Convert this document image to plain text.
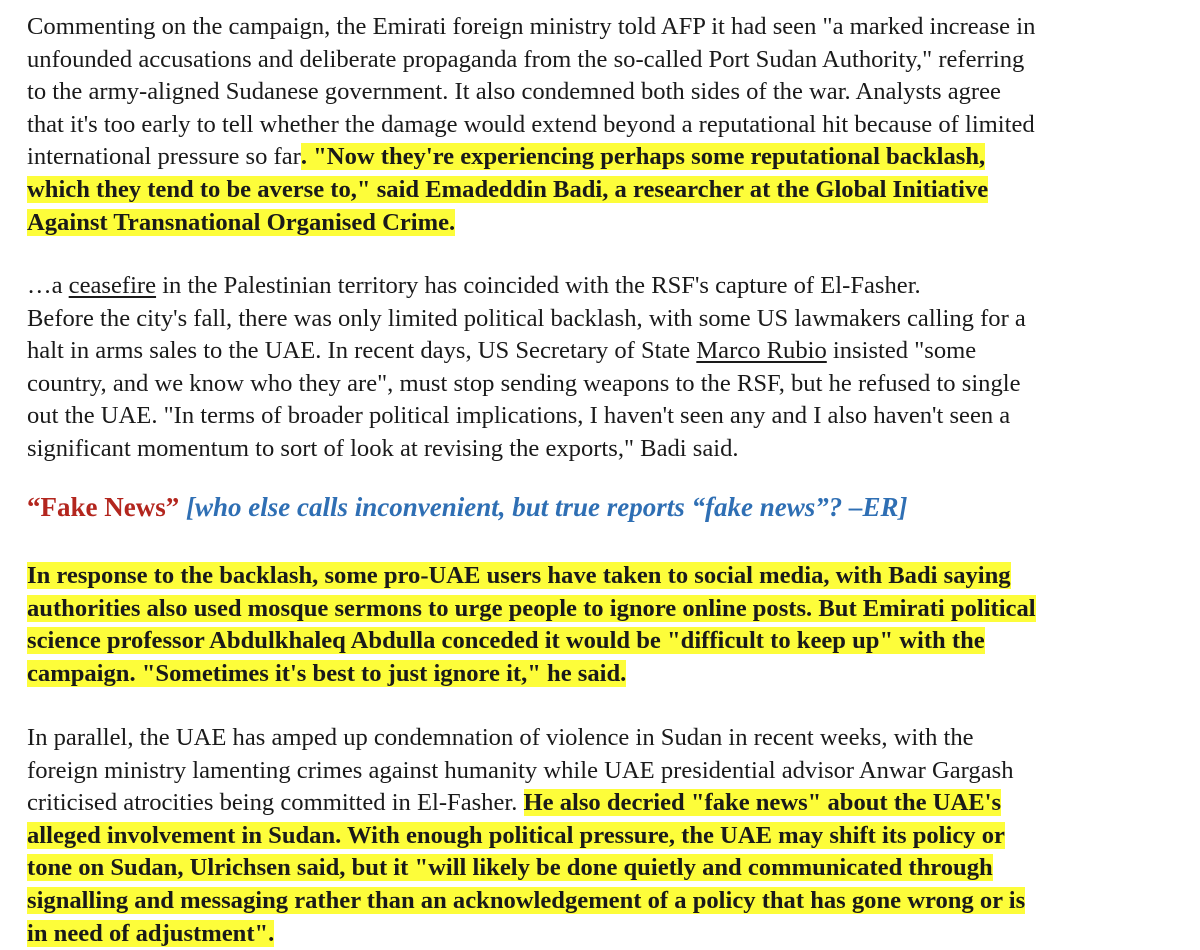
Commenting on the campaign, the Emirati foreign ministry told AFP it had seen "a marked increase in
unfounded accusations and deliberate propaganda from the so-called Port Sudan Authority," referring
to the army-aligned Sudanese government. It also condemned both sides of the war. Analysts agree
that it's too early to tell whether the damage would extend beyond a reputational hit because of limited
international pressure so far. "Now they're experiencing perhaps some reputational backlash,
which they tend to be averse to," said Emadeddin Badi, a researcher at the Global Initiative
Against Transnational Organised Crime.

…a ceasefire in the Palestinian territory has coincided with the RSF's capture of El-Fasher.
Before the city's fall, there was only limited political backlash, with some US lawmakers calling for a
halt in arms sales to the UAE. In recent days, US Secretary of State Marco Rubio insisted "some
country, and we know who they are", must stop sending weapons to the RSF, but he refused to single
out the UAE. "In terms of broader political implications, I haven't seen any and I also haven't seen a
significant momentum to sort of look at revising the exports," Badi said.

“Fake News” [who else calls inconvenient, but true reports “fake news”? –ER]

In response to the backlash, some pro-UAE users have taken to social media, with Badi saying
authorities also used mosque sermons to urge people to ignore online posts. But Emirati political
science professor Abdulkhaleq Abdulla conceded it would be "difficult to keep up" with the
campaign. "Sometimes it's best to just ignore it," he said.

In parallel, the UAE has amped up condemnation of violence in Sudan in recent weeks, with the
foreign ministry lamenting crimes against humanity while UAE presidential advisor Anwar Gargash
criticised atrocities being committed in El-Fasher. He also decried "fake news" about the UAE's
alleged involvement in Sudan. With enough political pressure, the UAE may shift its policy or
tone on Sudan, Ulrichsen said, but it "will likely be done quietly and communicated through
signalling and messaging rather than an acknowledgement of a policy that has gone wrong or is
in need of adjustment".
